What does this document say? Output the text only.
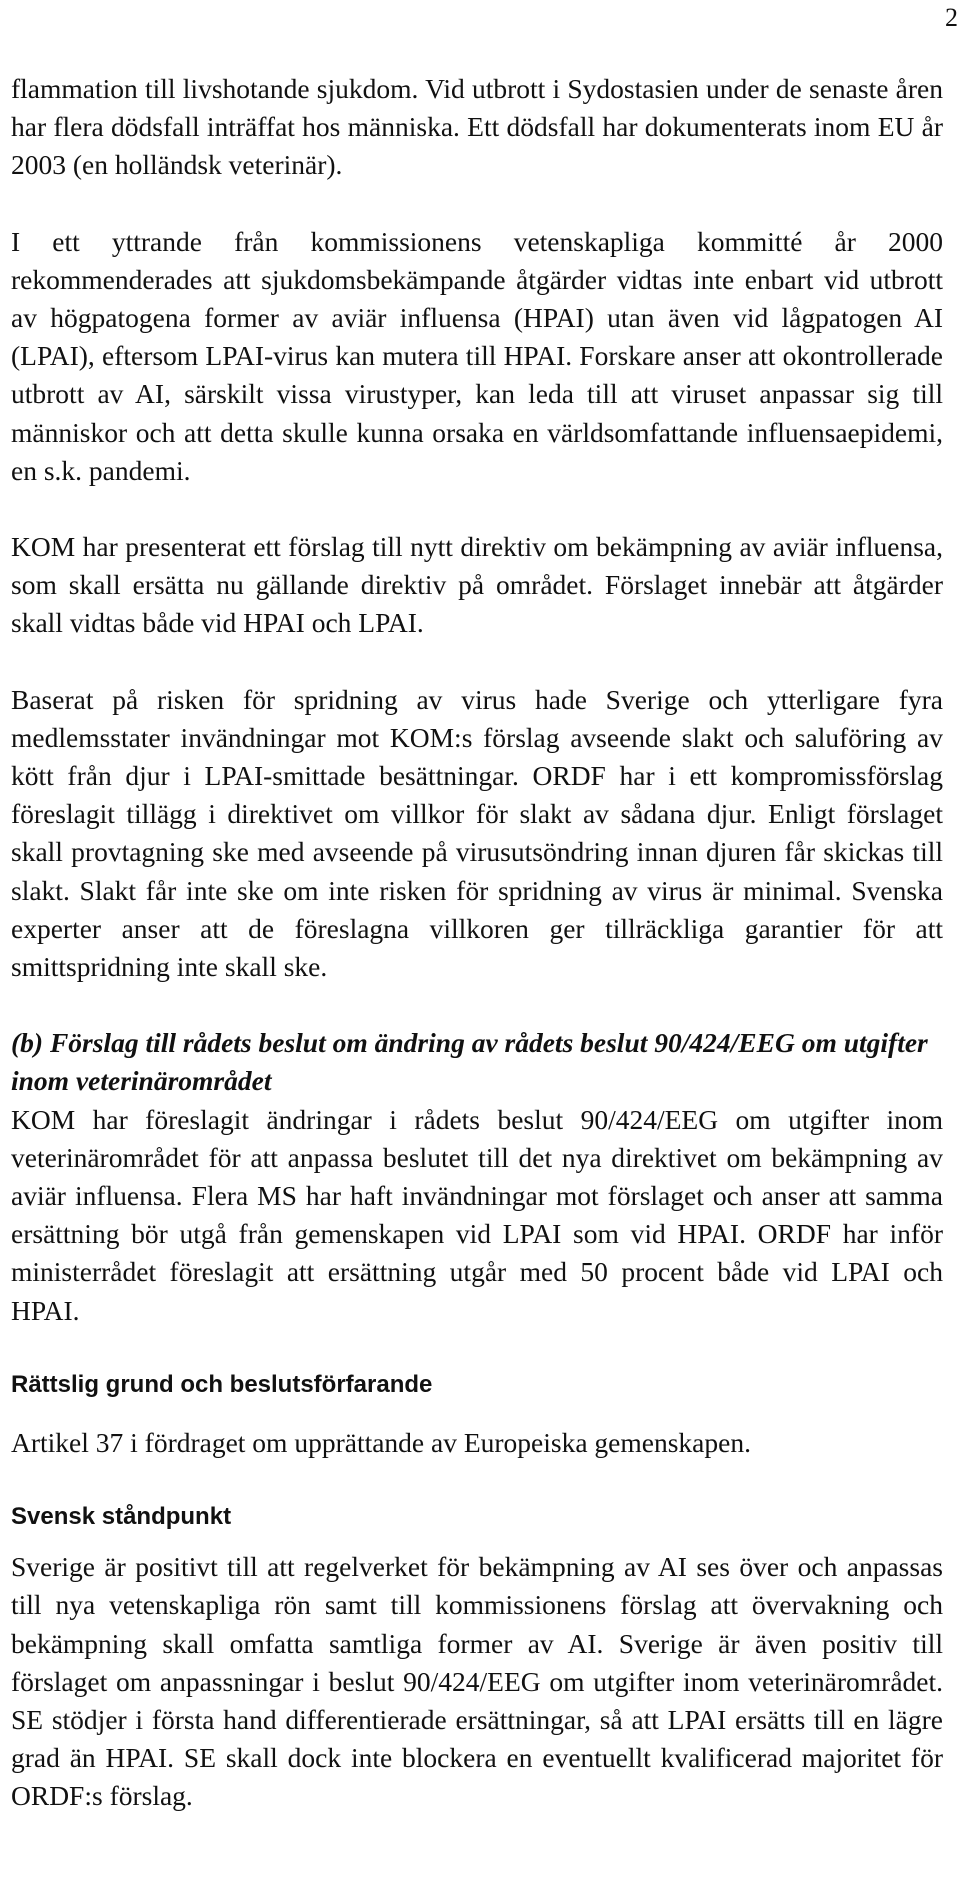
2

flammation till livshotande sjukdom. Vid utbrott i Sydostasien under de senaste åren har flera dödsfall inträffat hos människa. Ett dödsfall har dokumenterats inom EU år 2003 (en holländsk veterinär).

I ett yttrande från kommissionens vetenskapliga kommitté år 2000 rekommenderades att sjukdomsbekämpande åtgärder vidtas inte enbart vid utbrott av högpatogena former av aviär influensa (HPAI) utan även vid lågpatogen AI (LPAI), eftersom LPAI-virus kan mutera till HPAI. Forskare anser att okontrollerade utbrott av AI, särskilt vissa virustyper, kan leda till att viruset anpassar sig till människor och att detta skulle kunna orsaka en världsomfattande influensaepidemi, en s.k. pandemi.

KOM har presenterat ett förslag till nytt direktiv om bekämpning av aviär influensa, som skall ersätta nu gällande direktiv på området. Förslaget innebär att åtgärder skall vidtas både vid HPAI och LPAI.

Baserat på risken för spridning av virus hade Sverige och ytterligare fyra medlemsstater invändningar mot KOM:s förslag avseende slakt och saluföring av kött från djur i LPAI-smittade besättningar. ORDF har i ett kompromissförslag föreslagit tillägg i direktivet om villkor för slakt av sådana djur. Enligt förslaget skall provtagning ske med avseende på virusutsöndring innan djuren får skickas till slakt. Slakt får inte ske om inte risken för spridning av virus är minimal. Svenska experter anser att de föreslagna villkoren ger tillräckliga garantier för att smittspridning inte skall ske.

(b) Förslag till rådets beslut om ändring av rådets beslut 90/424/EEG om utgifter inom veterinärområdet

KOM har föreslagit ändringar i rådets beslut 90/424/EEG om utgifter inom veterinärområdet för att anpassa beslutet till det nya direktivet om bekämpning av aviär influensa. Flera MS har haft invändningar mot förslaget och anser att samma ersättning bör utgå från gemenskapen vid LPAI som vid HPAI. ORDF har inför ministerrådet föreslagit att ersättning utgår med 50 procent både vid LPAI och HPAI.

Rättslig grund och beslutsförfarande

Artikel 37 i fördraget om upprättande av Europeiska gemenskapen.

Svensk ståndpunkt

Sverige är positivt till att regelverket för bekämpning av AI ses över och anpassas till nya vetenskapliga rön samt till kommissionens förslag att övervakning och bekämpning skall omfatta samtliga former av AI. Sverige är även positiv till förslaget om anpassningar i beslut 90/424/EEG om utgifter inom veterinärområdet. SE stödjer i första hand differentierade ersättningar, så att LPAI ersätts till en lägre grad än HPAI. SE skall dock inte blockera en eventuellt kvalificerad majoritet för ORDF:s förslag.
